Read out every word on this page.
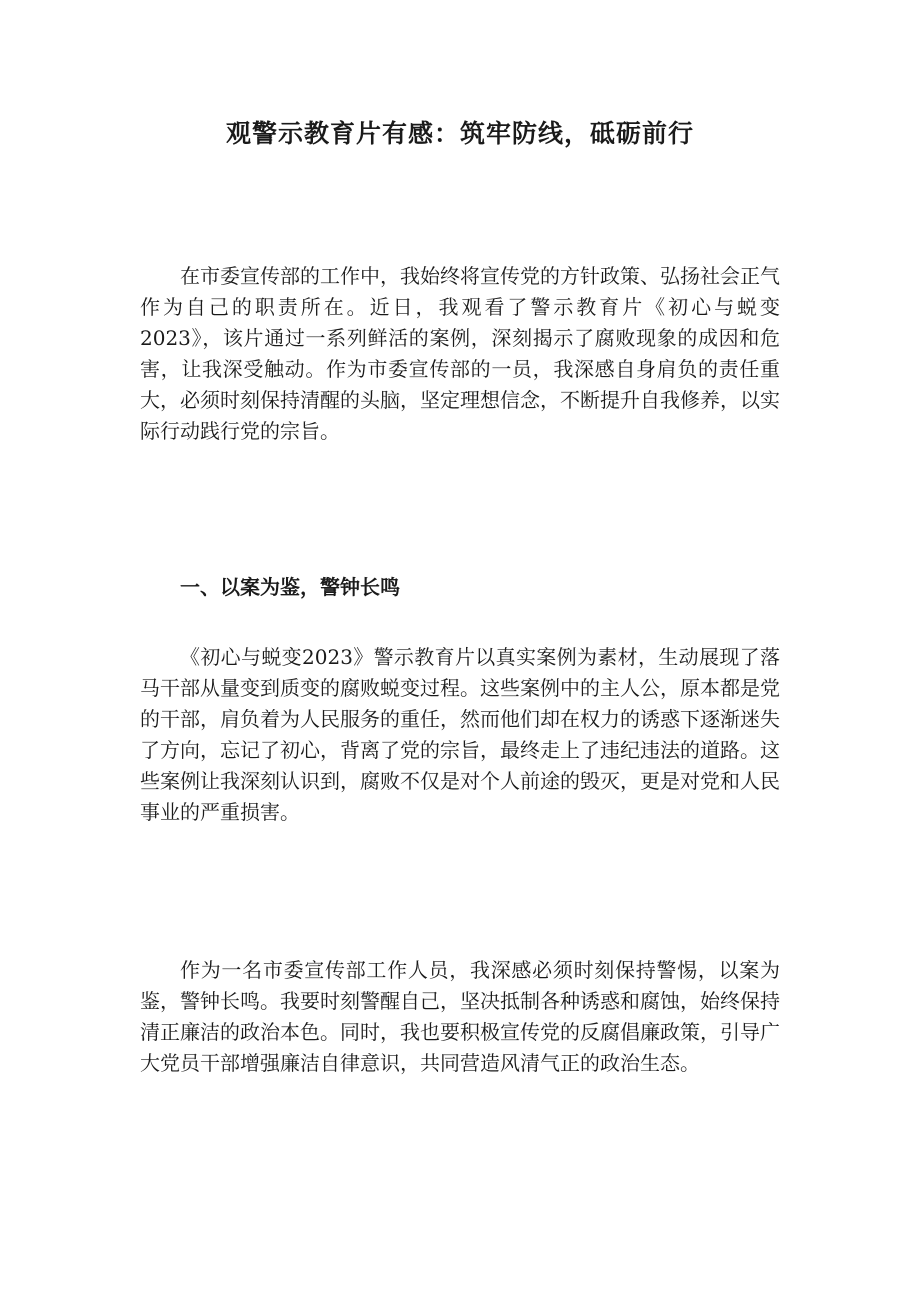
观警示教育片有感：筑牢防线，砥砺前行

在市委宣传部的工作中，我始终将宣传党的方针政策、弘扬社会正气作为自己的职责所在。近日，我观看了警示教育片《初心与蜕变2023》，该片通过一系列鲜活的案例，深刻揭示了腐败现象的成因和危害，让我深受触动。作为市委宣传部的一员，我深感自身肩负的责任重大，必须时刻保持清醒的头脑，坚定理想信念，不断提升自我修养，以实际行动践行党的宗旨。

一、以案为鉴，警钟长鸣

《初心与蜕变2023》警示教育片以真实案例为素材，生动展现了落马干部从量变到质变的腐败蜕变过程。这些案例中的主人公，原本都是党的干部，肩负着为人民服务的重任，然而他们却在权力的诱惑下逐渐迷失了方向，忘记了初心，背离了党的宗旨，最终走上了违纪违法的道路。这些案例让我深刻认识到，腐败不仅是对个人前途的毁灭，更是对党和人民事业的严重损害。

作为一名市委宣传部工作人员，我深感必须时刻保持警惕，以案为鉴，警钟长鸣。我要时刻警醒自己，坚决抵制各种诱惑和腐蚀，始终保持清正廉洁的政治本色。同时，我也要积极宣传党的反腐倡廉政策，引导广大党员干部增强廉洁自律意识，共同营造风清气正的政治生态。
